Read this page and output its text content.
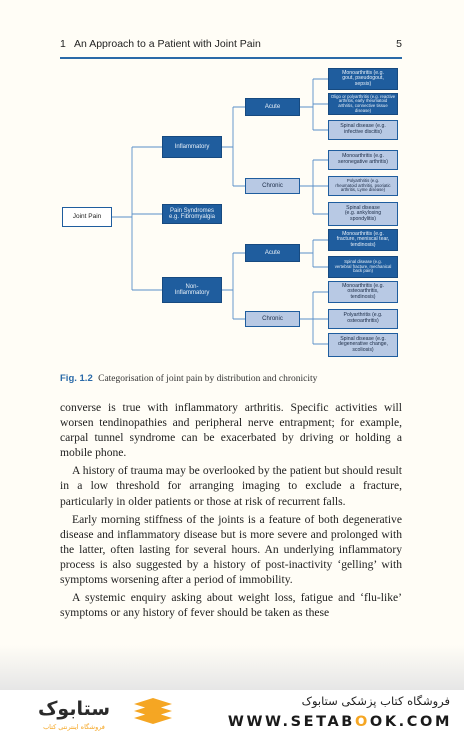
1   An Approach to a Patient with Joint Pain	5
Joint Pain
Inflammatory
Pain Syndromes
e.g. Fibromyalgia
Non-
Inflammatory
Acute
Chronic
Acute
Chronic
Monoarthritis (e.g.
gout, pseudogout,
sepsis)
Oligo or polyarthritis (e.g. reactive
arthritis, early rheumatoid
arthritis, connective tissue
disease)
Spinal disease (e.g.
infective discitis)
Monoarthritis (e.g.
seronegative arthritis)
Polyarthritis (e.g.
rheumatoid arthritis, psoriatic
arthritis, Lyme disease)
Spinal disease
(e.g. ankylosing
spondylitis)
Monoarthritis (e.g.
fracture, meniscal tear,
tendinosis)
Spinal disease (e.g.
vertebral fracture, mechanical
back pain)
Monoarthritis (e.g.
osteoarthritis,
tendinosis)
Polyarthritis (e.g.
osteoarthritis)
Spinal disease (e.g.
degenerative change,
scoliosis)
Fig. 1.2 Categorisation of joint pain by distribution and chronicity

converse is true with inflammatory arthritis. Specific activities will worsen tendinopathies and peripheral nerve entrapment; for example, carpal tunnel syndrome can be exacerbated by driving or holding a mobile phone.

A history of trauma may be overlooked by the patient but should result in a low threshold for arranging imaging to exclude a fracture, particularly in older patients or those at risk of recurrent falls.

Early morning stiffness of the joints is a feature of both degenerative disease and inflammatory disease but is more severe and prolonged with the latter, often lasting for several hours. An underlying inflammatory process is also suggested by a history of post-inactivity ‘gelling’ with symptoms worsening after a period of immobility.

A systemic enquiry asking about weight loss, fatigue and ‘flu-like’ symptoms or any history of fever should be taken as these

ستابوک
فروشگاه اینترنتی کتاب
فروشگاه کتاب پزشکی ستابوک
WWW.SETABOOK.COM
